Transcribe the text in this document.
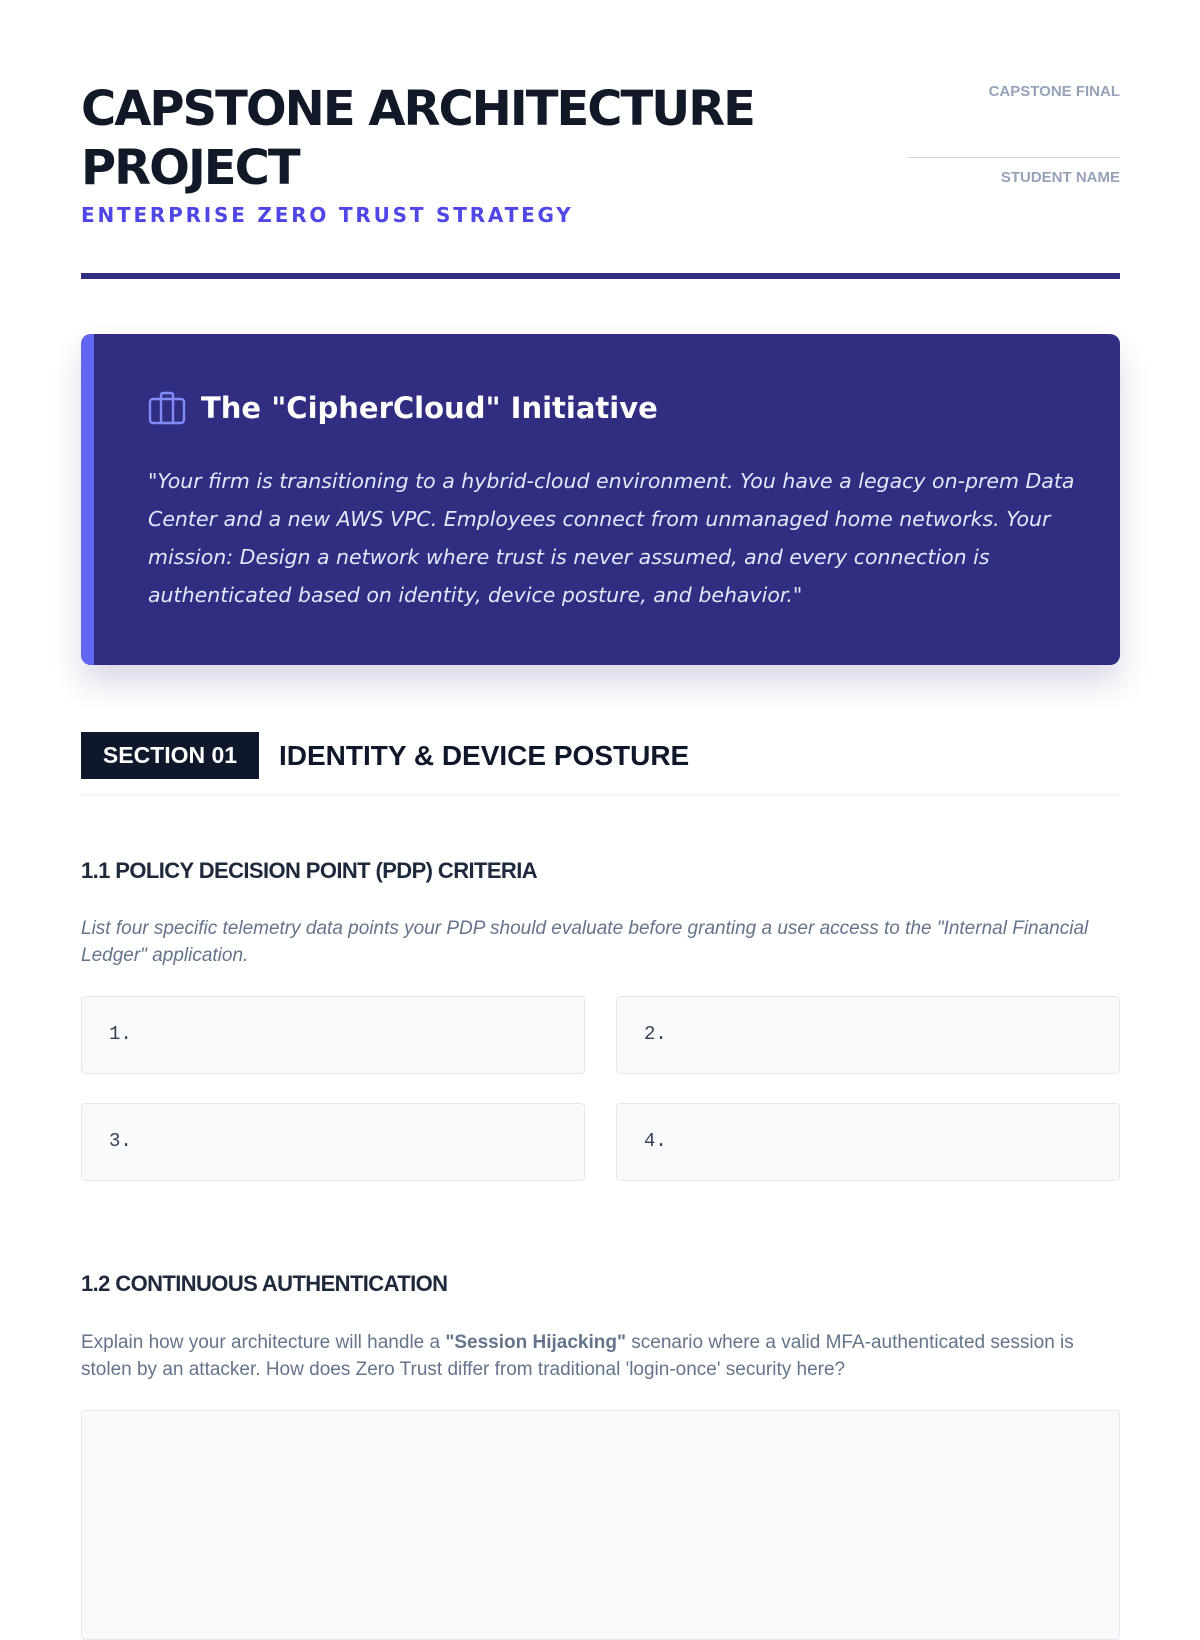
CAPSTONE ARCHITECTURE PROJECT
ENTERPRISE ZERO TRUST STRATEGY
CAPSTONE FINAL
STUDENT NAME
The "CipherCloud" Initiative

"Your firm is transitioning to a hybrid-cloud environment. You have a legacy on-prem Data Center and a new AWS VPC. Employees connect from unmanaged home networks. Your mission: Design a network where trust is never assumed, and every connection is authenticated based on identity, device posture, and behavior."

SECTION 01	IDENTITY & DEVICE POSTURE
1.1 POLICY DECISION POINT (PDP) CRITERIA

List four specific telemetry data points your PDP should evaluate before granting a user access to the "Internal Financial Ledger" application.

1.	2.
3.	4.
1.2 CONTINUOUS AUTHENTICATION

Explain how your architecture will handle a "Session Hijacking" scenario where a valid MFA-authenticated session is stolen by an attacker. How does Zero Trust differ from traditional 'login-once' security here?
